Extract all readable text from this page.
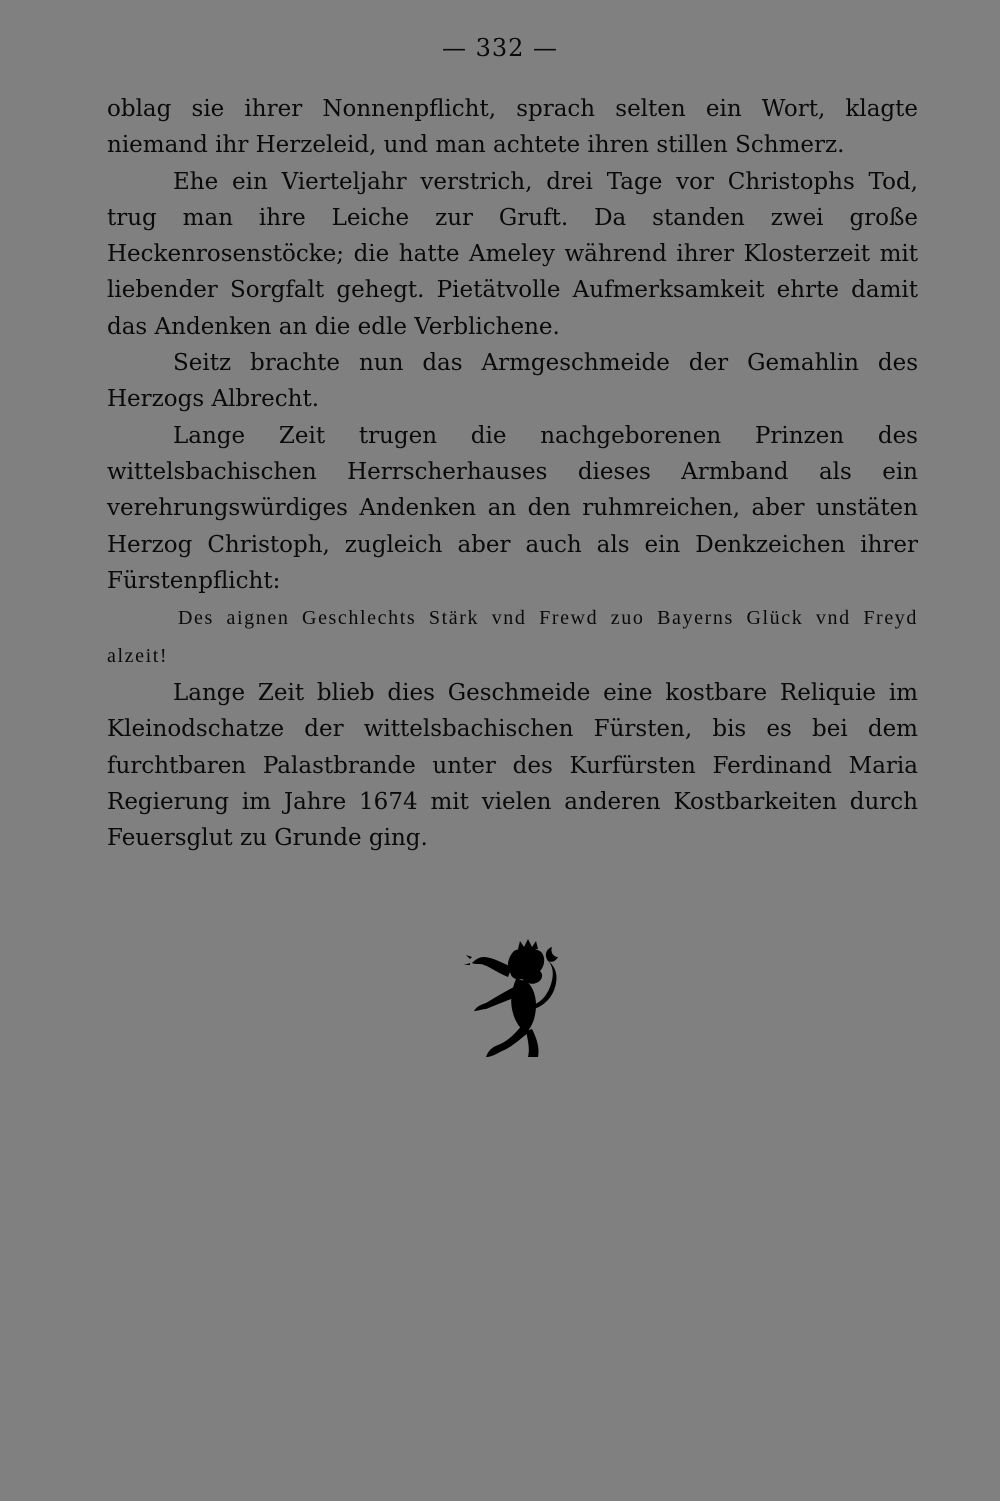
— 332 —

oblag sie ihrer Nonnenpflicht, sprach selten ein Wort, klagte niemand ihr Herzeleid, und man achtete ihren stillen Schmerz.

Ehe ein Vierteljahr verstrich, drei Tage vor Christophs Tod, trug man ihre Leiche zur Gruft. Da standen zwei große Heckenrosenstöcke; die hatte Ameley während ihrer Klosterzeit mit liebender Sorgfalt gehegt. Pietätvolle Aufmerksamkeit ehrte damit das Andenken an die edle Verblichene.

Seitz brachte nun das Armgeschmeide der Gemahlin des Herzogs Albrecht.

Lange Zeit trugen die nachgeborenen Prinzen des wittelsbachischen Herrscherhauses dieses Armband als ein verehrungswürdiges Andenken an den ruhmreichen, aber unstäten Herzog Christoph, zugleich aber auch als ein Denkzeichen ihrer Fürstenpflicht:

Des aignen Geschlechts Stärk vnd Frewd zuo Bayerns Glück vnd Freyd alzeit!

Lange Zeit blieb dies Geschmeide eine kostbare Reliquie im Kleinodschatze der wittelsbachischen Fürsten, bis es bei dem furchtbaren Palastbrande unter des Kurfürsten Ferdinand Maria Regierung im Jahre 1674 mit vielen anderen Kostbarkeiten durch Feuersglut zu Grunde ging.
